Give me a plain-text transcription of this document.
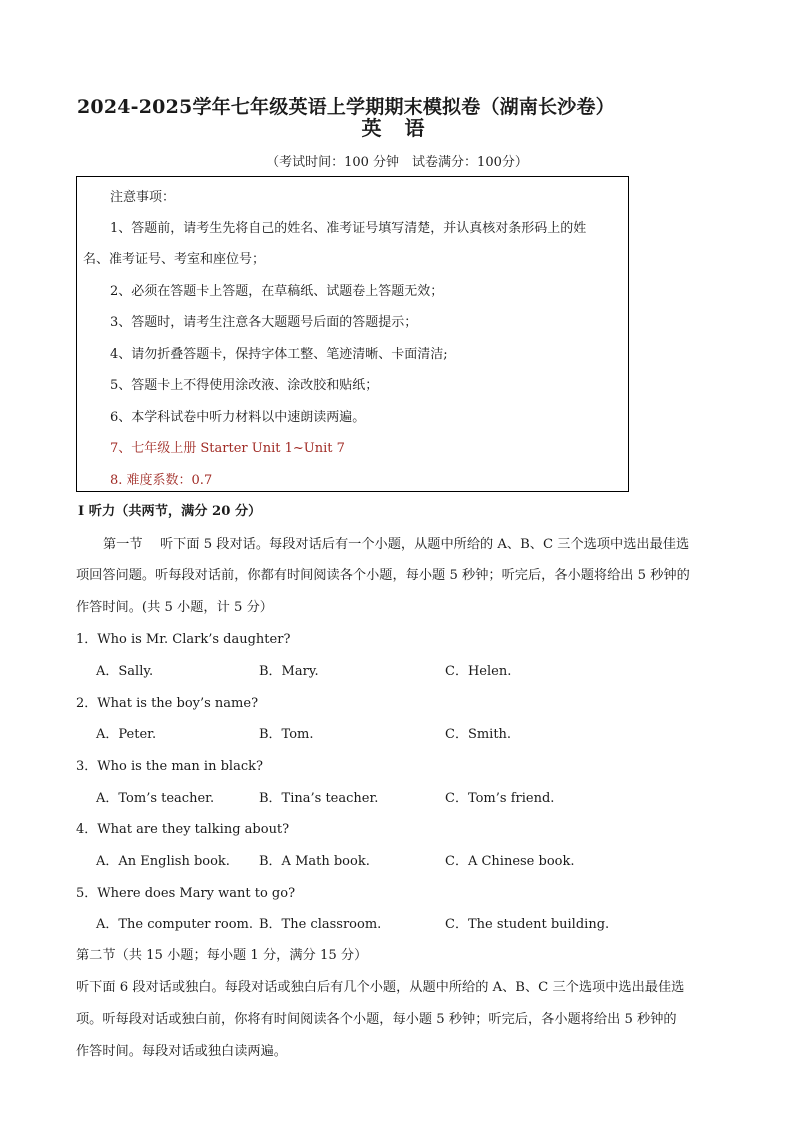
2024-2025学年七年级英语上学期期末模拟卷（湖南长沙卷）
英 语
（考试时间：100 分钟　试卷满分：100分）
注意事项：
1、答题前，请考生先将自己的姓名、准考证号填写清楚，并认真核对条形码上的姓
名、准考证号、考室和座位号；
2、必须在答题卡上答题，在草稿纸、试题卷上答题无效；
3、答题时，请考生注意各大题题号后面的答题提示；
4、请勿折叠答题卡，保持字体工整、笔迹清晰、卡面清洁;
5、答题卡上不得使用涂改液、涂改胶和贴纸；
6、本学科试卷中听力材料以中速朗读两遍。
7、七年级上册 Starter Unit 1~Unit 7
8. 难度系数：0.7
Ⅰ 听力（共两节，满分 20 分）
第一节　 听下面 5 段对话。每段对话后有一个小题，从题中所给的 A、B、C 三个选项中选出最佳选
项回答问题。听每段对话前，你都有时间阅读各个小题，每小题 5 秒钟；听完后，各小题将给出 5 秒钟的
作答时间。(共 5 小题，计 5 分）
1．Who is Mr. Clark’s daughter?
A．Sally.	B．Mary.	C．Helen.
2．What is the boy’s name?
A．Peter.	B．Tom.	C．Smith.
3．Who is the man in black?
A．Tom’s teacher.	B．Tina’s teacher.	C．Tom’s friend.
4．What are they talking about?
A．An English book. B．A Math book.	C．A Chinese book.
5．Where does Mary want to go?
A．The computer room. B．The classroom.	C．The student building.
第二节（共 15 小题；每小题 1 分，满分 15 分）
听下面 6 段对话或独白。每段对话或独白后有几个小题，从题中所给的 A、B、C 三个选项中选出最佳选
项。听每段对话或独白前，你将有时间阅读各个小题，每小题 5 秒钟；听完后，各小题将给出 5 秒钟的
作答时间。每段对话或独白读两遍。
